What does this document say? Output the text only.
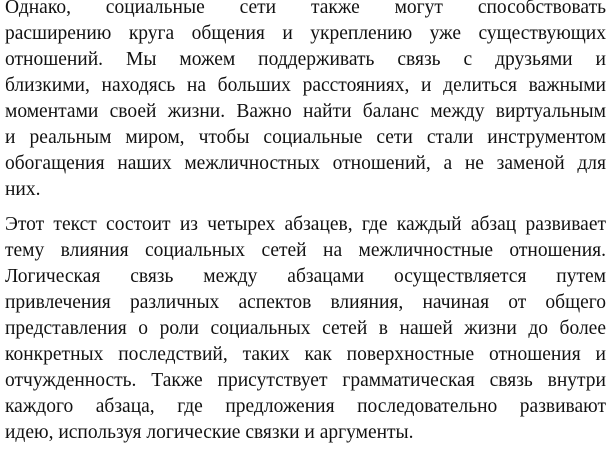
Однако, социальные сети также могут способствовать
расширению круга общения и укреплению уже существующих
отношений. Мы можем поддерживать связь с друзьями и
близкими, находясь на больших расстояниях, и делиться важными
моментами своей жизни. Важно найти баланс между виртуальным
и реальным миром, чтобы социальные сети стали инструментом
обогащения наших межличностных отношений, а не заменой для
них.
Этот текст состоит из четырех абзацев, где каждый абзац развивает
тему влияния социальных сетей на межличностные отношения.
Логическая связь между абзацами осуществляется путем
привлечения различных аспектов влияния, начиная от общего
представления о роли социальных сетей в нашей жизни до более
конкретных последствий, таких как поверхностные отношения и
отчужденность. Также присутствует грамматическая связь внутри
каждого абзаца, где предложения последовательно развивают
идею, используя логические связки и аргументы.
